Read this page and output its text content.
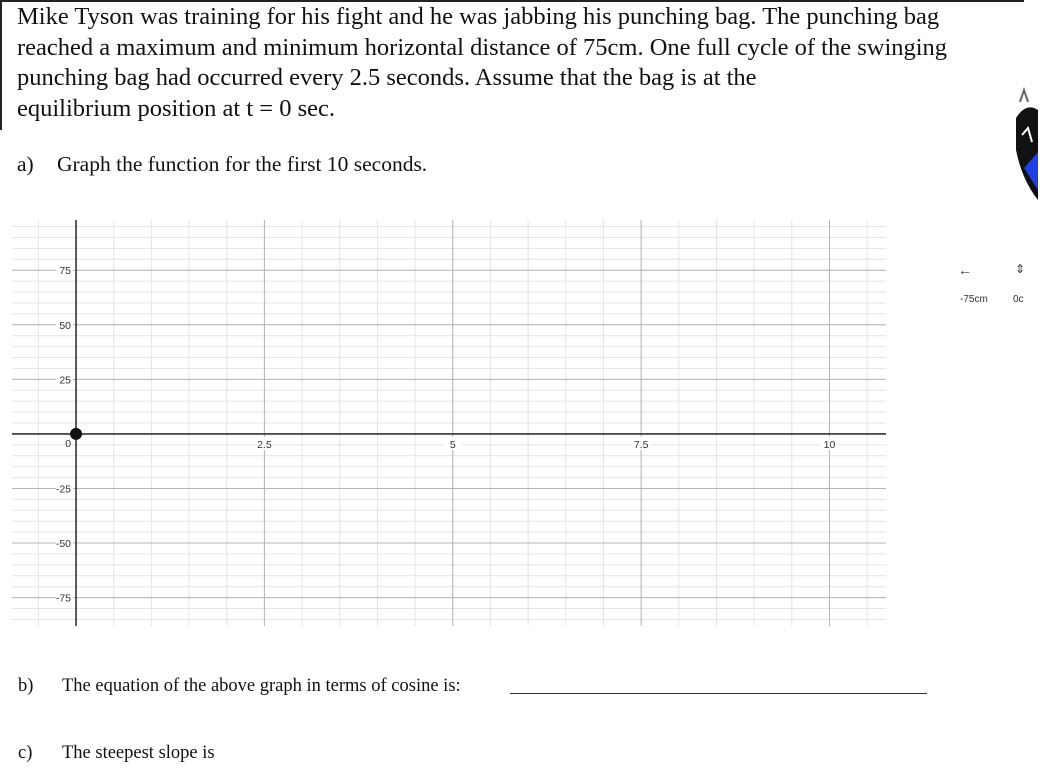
Mike Tyson was training for his fight and he was jabbing his punching bag. The punching bag
reached a maximum and minimum horizontal distance of 75cm. One full cycle of the swinging
punching bag had occurred every 2.5 seconds. Assume that the bag is at the
equilibrium position at t = 0 sec.
a) Graph the function for the first 10 seconds.
2.5	5	7.5	10
75
50
25
-25
-50
-75
0
←	⇕
-75cm	0c
b) The equation of the above graph in terms of cosine is:
c) The steepest slope is
